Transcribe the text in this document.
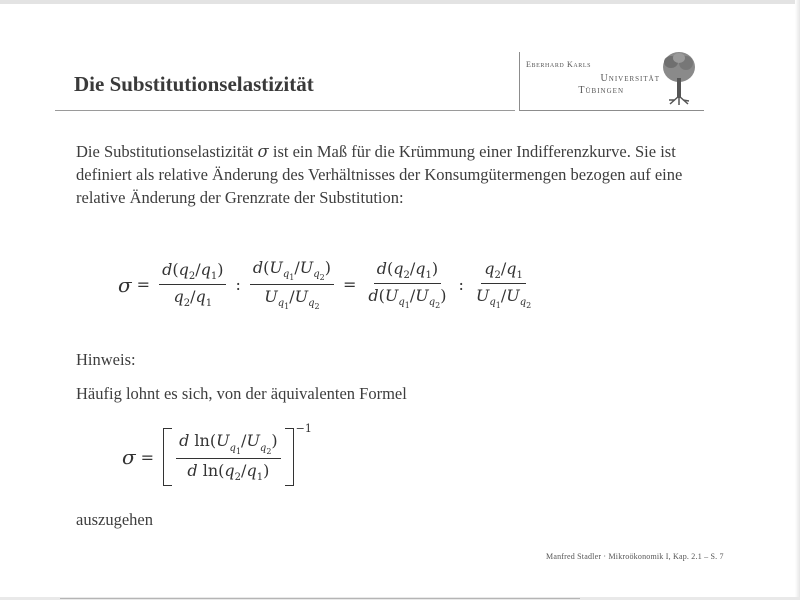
Die Substitutionselastizität
Eberhard Karls
Universität
Tübingen

Die Substitutionselastizität σ ist ein Maß für die Krümmung einer Indifferenzkurve. Sie ist definiert als relative Änderung des Verhältnisses der Konsumgütermengen bezogen auf eine relative Änderung der Grenzrate der Substitution:

$\sigma = \frac{d(q_2/q_1)}{q_2/q_1}$ : $\frac{d(U_{q_1}/U_{q_2})}{U_{q_1}/U_{q_2}} = \frac{d(q_2/q_1)}{d(U_{q_1}/U_{q_2})}$ : $\frac{q_2/q_1}{U_{q_1}/U_{q_2}}$

Hinweis:

Häufig lohnt es sich, von der äquivalenten Formel

$\sigma = \frac{d \ln(U_{q_1}/U_{q_2})}{d \ln(q_2/q_1)}$
−1

auszugehen

Manfred Stadler · Mikroökonomik I, Kap. 2.1 – S. 7
